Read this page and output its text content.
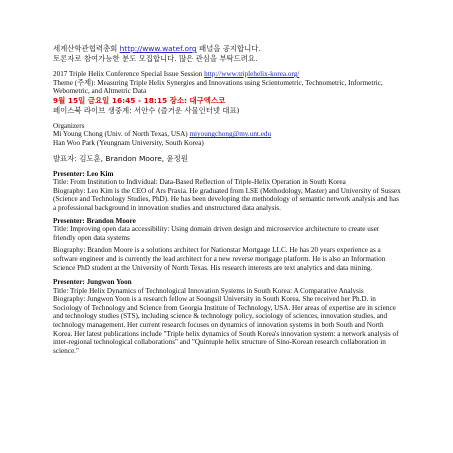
세계산학관협력총회 http://www.watef.org 패널을 공지합니다.
토론자로 참여가능한 분도 모집합니다. 많은 관심을 부탁드려요.
2017 Triple Helix Conference Special Issue Session http://www.triplehelix-korea.org/
Theme (주제): Measuring Triple Helix Synergies and Innovations using Scientometric, Technometric, Informetric, Webometric, and Altmetric Data
9월 15일 금요일 16:45 - 18:15 장소: 대구엑스코
페이스북 라이브 생중계: 서안수 (즐거운 사물인터넷 대표)
Organizers
Mi Young Chong (Univ. of North Texas, USA) miyoungchong@my.unt.edu
Han Woo Park (Yeungnam University, South Korea)
발표자: 김도훈, Brandon Moore, 윤정원
Presenter: Leo Kim
Title: From Institution to Individual: Data-Based Reflection of Triple-Helix Operation in South Korea
Biography: Leo Kim is the CEO of Ars Praxia. He graduated from LSE (Methodology, Master) and University of Sussex (Science and Technology Studies, PhD). He has been developing the methodology of semantic network analysis and has a professional background in innovation studies and unstructured data analysis.
Presenter: Brandon Moore
Title: Improving open data accessibility: Using domain driven design and microservice architecture to create user friendly open data systems
Biography: Brandon Moore is a solutions architect for Nationstar Mortgage LLC. He has 20 years experience as a software engineer and is currently the lead architect for a new reverse mortgage platform. He is also an Information Science PhD student at the University of North Texas. His research interests are text analytics and data mining.
Presenter: Jungwon Yoon
Title: Triple Helix Dynamics of Technological Innovation Systems in South Korea: A Comparative Analysis
Biography: Jungwon Yoon is a research fellow at Soongsil University in South Korea. She received her Ph.D. in Sociology of Technology and Science from Georgia Institute of Technology, USA. Her areas of expertise are in science and technology studies (STS), including science & technology policy, sociology of sciences, innovation studies, and technology management. Her current research focuses on dynamics of innovation systems in both South and North Korea. Her latest publications include "Triple helix dynamics of South Korea's innovation system: a network analysis of inter-regional technological collaborations" and "Quintuple helix structure of Sino-Korean research collaboration in science."
